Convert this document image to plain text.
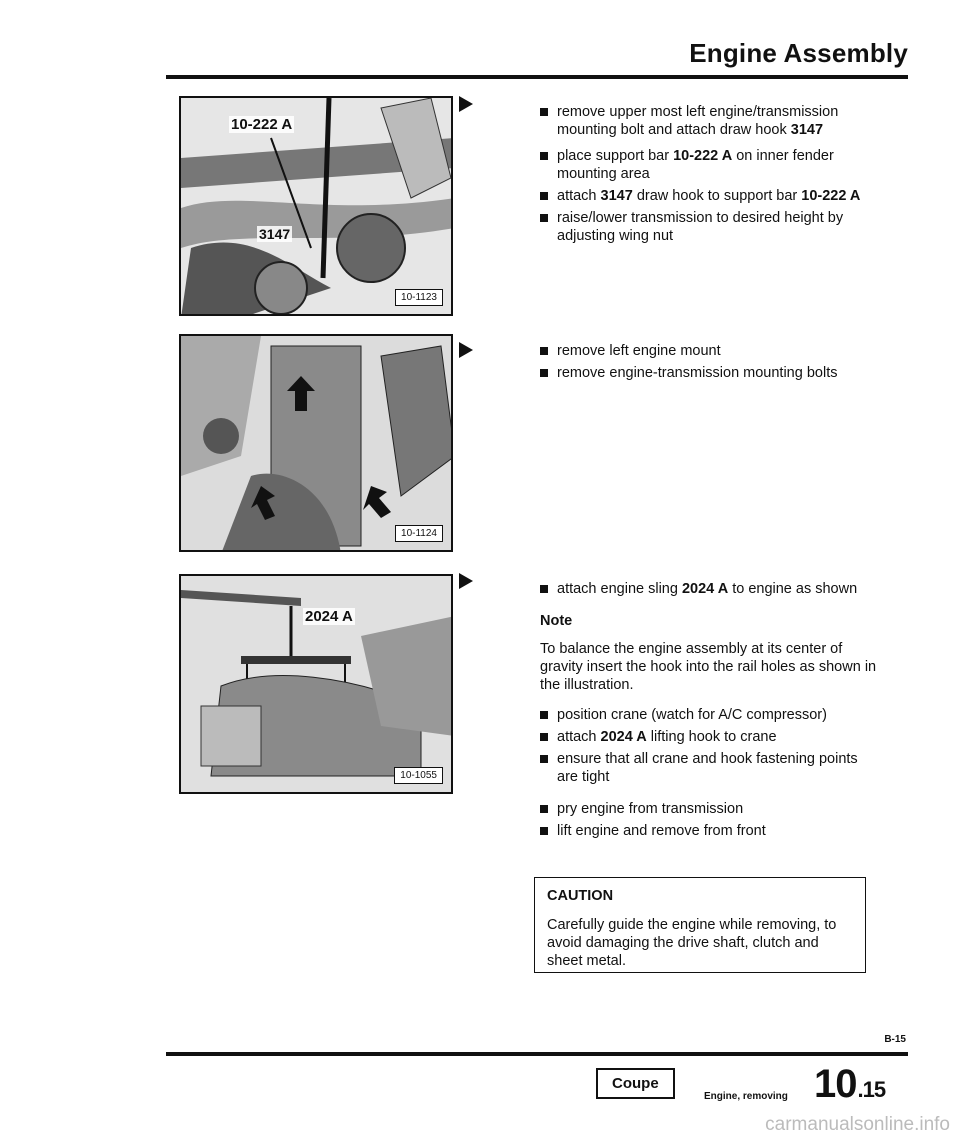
Engine Assembly
10-222 A
3147
10-1123
10-1124
2024 A
10-1055
remove upper most left engine/transmission mounting bolt and attach draw hook 3147
place support bar 10-222 A on inner fender mounting area
attach 3147 draw hook to support bar 10-222 A
raise/lower transmission to desired height by adjusting wing nut
remove left engine mount
remove engine-transmission mounting bolts
attach engine sling 2024 A to engine as shown
Note
To balance the engine assembly at its center of gravity insert the hook into the rail holes as shown in the illustration.
position crane (watch for A/C compressor)
attach 2024 A lifting hook to crane
ensure that all crane and hook fastening points are tight
pry engine from transmission
lift engine and remove from front
CAUTION
Carefully guide the engine while removing, to avoid damaging the drive shaft, clutch and sheet metal.
B-15
Coupe
Engine, removing 10.15
carmanualsonline.info
